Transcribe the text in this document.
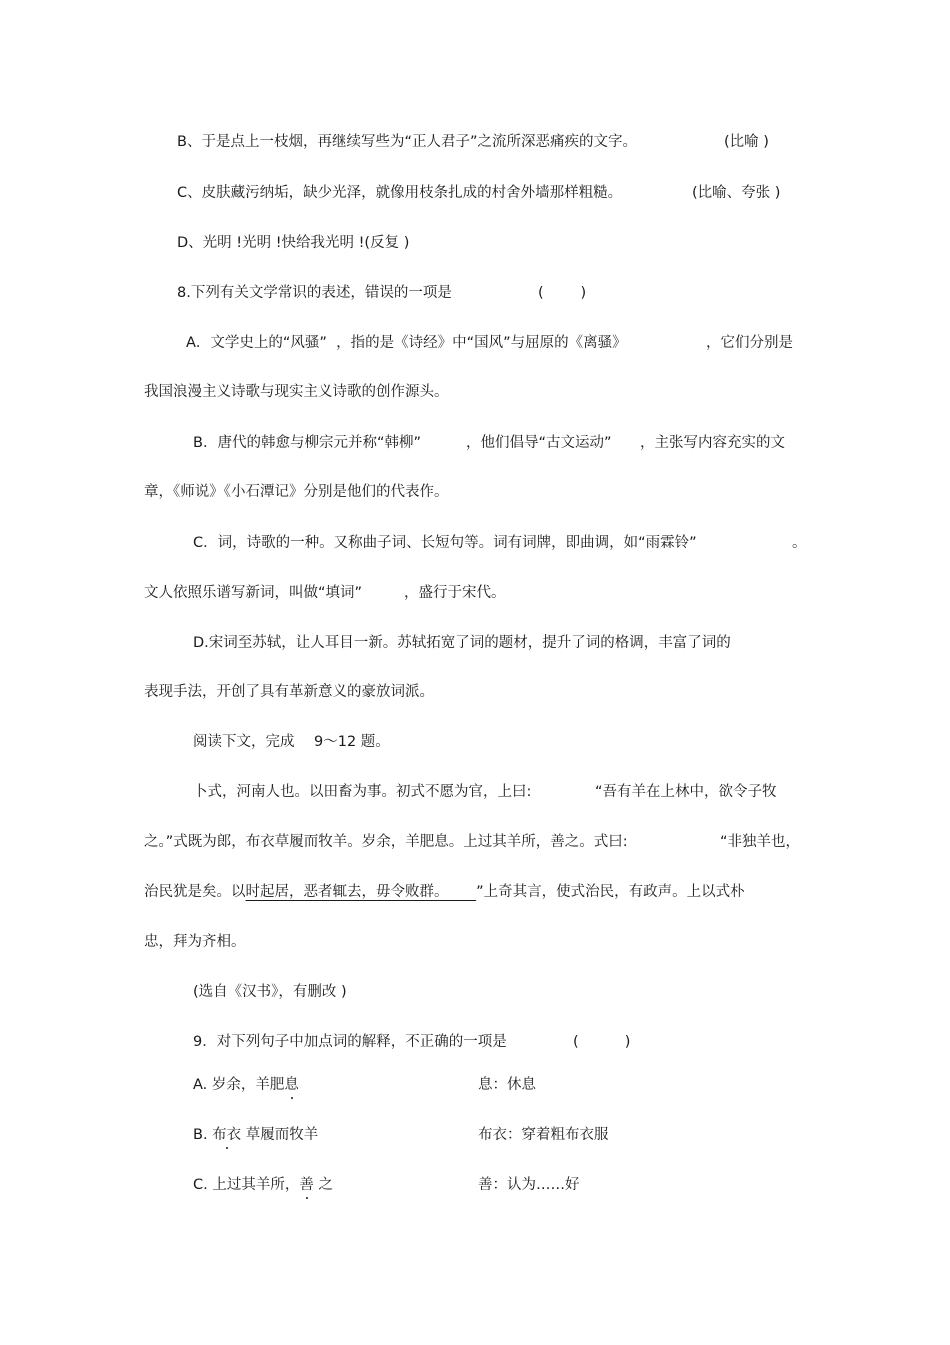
B、于是点上一枝烟，再继续写些为“正人君子”之流所深恶痛疾的文字。	(比喻 )
C、皮肤藏污纳垢，缺少光泽，就像用枝条扎成的村舍外墙那样粗糙。	(比喻、夸张 )
D、光明 !光明 !快给我光明 !(反复 )
8.下列有关文学常识的表述，错误的一项是	(        )
A．文学史上的“风骚”  ，指的是《诗经》中“国风”与屈原的《离骚》	，它们分别是
我国浪漫主义诗歌与现实主义诗歌的创作源头。
B．唐代的韩愈与柳宗元并称“韩柳”	，他们倡导“古文运动” ，主张写内容充实的文
章，《师说》《小石潭记》分别是他们的代表作。
C．词，诗歌的一种。又称曲子词、长短句等。词有词牌，即曲调，如“雨霖铃”	。
文人依照乐谱写新词，叫做“填词”	，盛行于宋代。
D.宋词至苏轼，让人耳目一新。苏轼拓宽了词的题材，提升了词的格调，丰富了词的
表现手法，开创了具有革新意义的豪放词派。
阅读下文，完成 9～12 题。
卜式，河南人也。以田畜为事。初式不愿为官，上曰:	“吾有羊在上林中，欲令子牧
之。”式既为郎，布衣草履而牧羊。岁余，羊肥息。上过其羊所，善之。式曰:	“非独羊也，
治民犹是矣。以时起居，恶者辄去，毋令败群。 ”上奇其言，使式治民，有政声。上以式朴
忠，拜为齐相。
(选自《汉书》，有删改 )
9．对下列句子中加点词的解释，不正确的一项是	(          )
A. 岁余，羊肥息	息：休息
B. 布衣 草履而牧羊	布衣：穿着粗布衣服
C. 上过其羊所，善 之	善：认为……好
